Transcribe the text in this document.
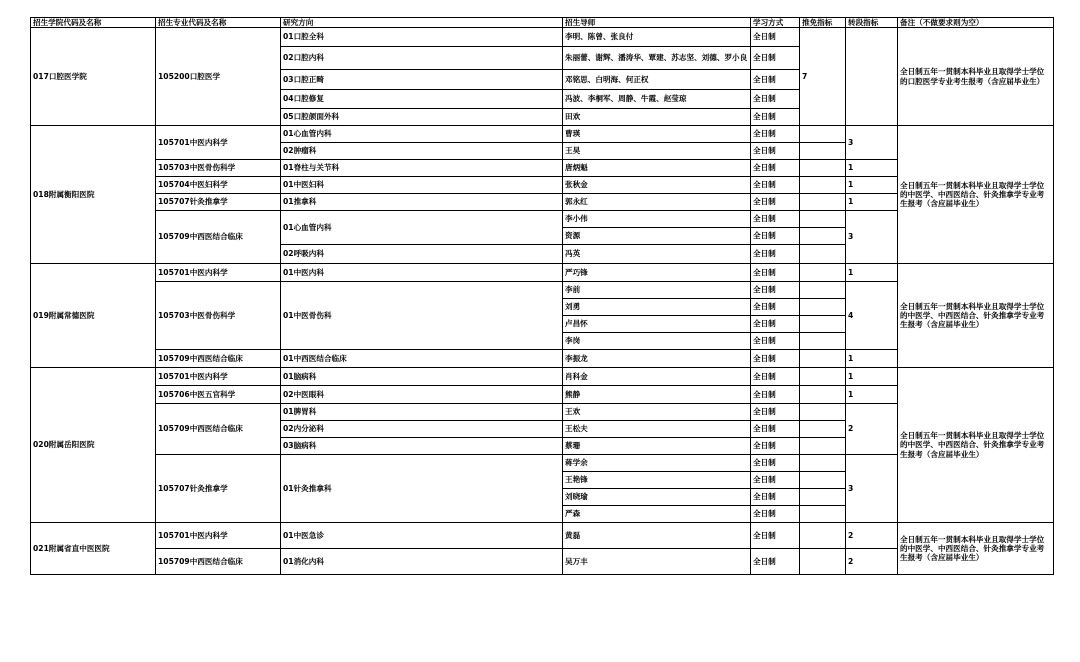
招生学院代码及名称	招生专业代码及名称	研究方向	招生导师	学习方式	推免指标	转段指标	备注（不做要求则为空）
017口腔医学院	105200口腔医学	01口腔全科	李明、陈曾、张良付	全日制	7		全日制五年一贯制本科毕业且取得学士学位的口腔医学专业考生报考（含应届毕业生）
		02口腔内科	朱丽蕾、谢辉、潘涛华、覃建、苏志坚、刘德、罗小良	全日制			
		03口腔正畸	邓铭思、白明海、何正权	全日制			
		04口腔修复	冯波、李桐军、周静、牛霞、赵莹琼	全日制			
		05口腔颌面外科	田欢	全日制			
018附属衡阳医院	105701中医内科学	01心血管内科	曹瑛	全日制		3	全日制五年一贯制本科毕业且取得学士学位的中医学、中西医结合、针灸推拿学专业考生报考（含应届毕业生）
		02肿瘤科	王昊	全日制			
	105703中医骨伤科学	01脊柱与关节科	唐炳魁	全日制		1	
	105704中医妇科学	01中医妇科	张秋金	全日制		1	
	105707针灸推拿学	01推拿科	郭永红	全日制		1	
	105709中西医结合临床	01心血管内科	李小伟	全日制		3	
			资源	全日制			
		02呼吸内科	冯英	全日制			
019附属常德医院	105701中医内科学	01中医内科	严巧锋	全日制		1	全日制五年一贯制本科毕业且取得学士学位的中医学、中西医结合、针灸推拿学专业考生报考（含应届毕业生）
	105703中医骨伤科学	01中医骨伤科	李前	全日制		4	
			刘勇	全日制			
			卢昌怀	全日制			
			李岗	全日制			
	105709中西医结合临床	01中西医结合临床	李振龙	全日制		1	
020附属岳阳医院	105701中医内科学	01脑病科	肖科金	全日制		1	全日制五年一贯制本科毕业且取得学士学位的中医学、中西医结合、针灸推拿学专业考生报考（含应届毕业生）
	105706中医五官科学	02中医眼科	熊静	全日制		1	
	105709中西医结合临床	01脾胃科	王欢	全日制		2	
		02内分泌科	王松夫	全日制			
		03脑病科	蔡珊	全日制			
	105707针灸推拿学	01针灸推拿科	蒋学余	全日制		3	
			王艳锋	全日制			
			刘晓瑜	全日制			
			严森	全日制			
021附属省直中医医院	105701中医内科学	01中医急诊	黄磊	全日制		2	全日制五年一贯制本科毕业且取得学士学位的中医学、中西医结合、针灸推拿学专业考生报考（含应届毕业生）
	105709中西医结合临床	01消化内科	吴万丰	全日制		2	
